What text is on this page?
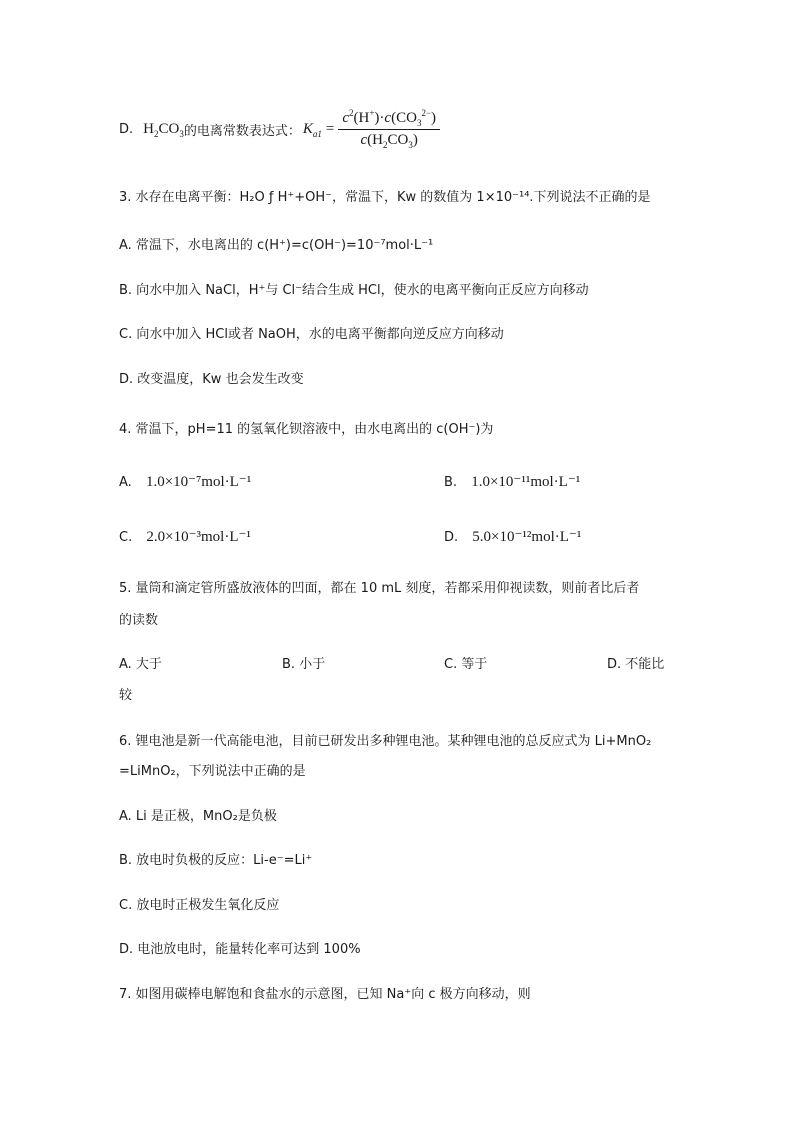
D. $H_2CO_3$ 的电离常数表达式： $K_{a1} = \frac{c^2(H^+)\cdot c(CO_3^{2-})}{c(H_2CO_3)}$
3. 水存在电离平衡：H₂O ƒ H⁺+OH⁻，常温下，Kw 的数值为 1×10⁻¹⁴.下列说法不正确的是
A. 常温下，水电离出的 c(H⁺)=c(OH⁻)=10⁻⁷mol·L⁻¹
B. 向水中加入 NaCl，H⁺与 Cl⁻结合生成 HCl，使水的电离平衡向正反应方向移动
C. 向水中加入 HCl或者 NaOH，水的电离平衡都向逆反应方向移动
D. 改变温度，Kw 也会发生改变
4. 常温下，pH=11 的氢氧化钡溶液中，由水电离出的 c(OH⁻)为
A. 1.0×10⁻⁷mol·L⁻¹	B. 1.0×10⁻¹¹mol·L⁻¹
C. 2.0×10⁻³mol·L⁻¹	D. 5.0×10⁻¹²mol·L⁻¹
5. 量筒和滴定管所盛放液体的凹面，都在 10 mL 刻度，若都采用仰视读数，则前者比后者
的读数
A. 大于	B. 小于	C. 等于	D. 不能比
较
6. 锂电池是新一代高能电池，目前已研发出多种锂电池。某种锂电池的总反应式为 Li+MnO₂
=LiMnO₂，下列说法中正确的是
A. Li 是正极，MnO₂是负极
B. 放电时负极的反应：Li-e⁻=Li⁺
C. 放电时正极发生氧化反应
D. 电池放电时，能量转化率可达到 100%
7. 如图用碳棒电解饱和食盐水的示意图，已知 Na⁺向 c 极方向移动，则
